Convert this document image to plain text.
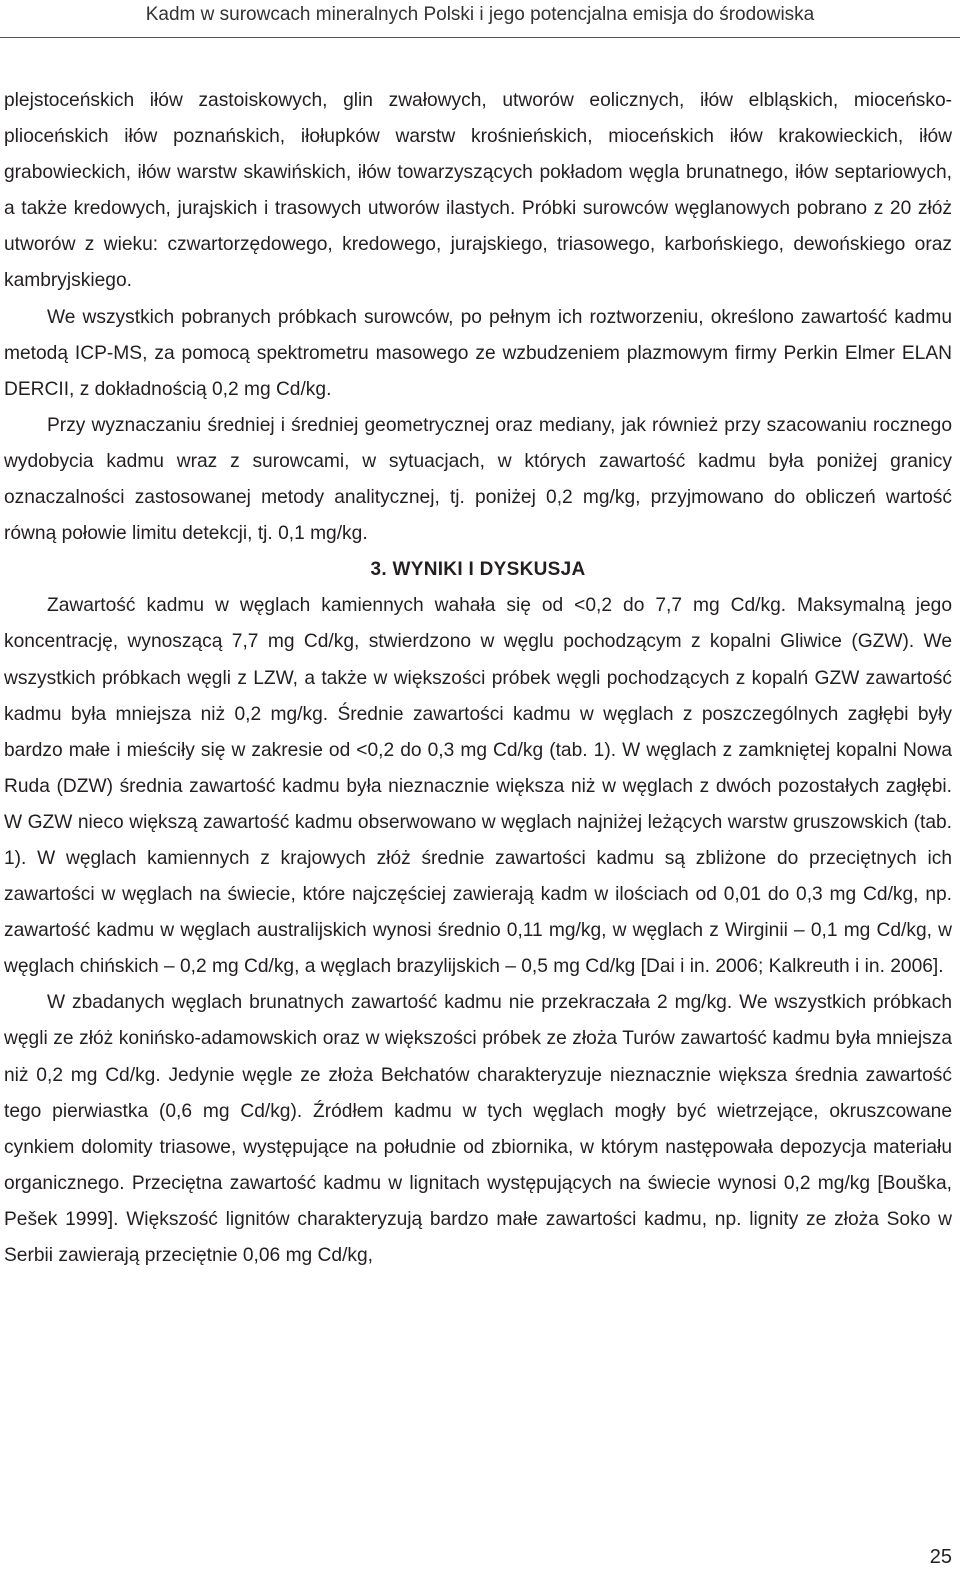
Kadm w surowcach mineralnych Polski i jego potencjalna emisja do środowiska

plejstoceńskich iłów zastoiskowych, glin zwałowych, utworów eolicznych, iłów elbląskich, mioceńsko-plioceńskich iłów poznańskich, iłołupków warstw krośnieńskich, mioceńskich iłów krakowieckich, iłów grabowieckich, iłów warstw skawińskich, iłów towarzyszących pokładom węgla brunatnego, iłów septariowych, a także kredowych, jurajskich i trasowych utworów ilastych. Próbki surowców węglanowych pobrano z 20 złóż utworów z wieku: czwartorzędowego, kredowego, jurajskiego, triasowego, karbońskiego, dewońskiego oraz kambryjskiego.

We wszystkich pobranych próbkach surowców, po pełnym ich roztworzeniu, określono zawartość kadmu metodą ICP-MS, za pomocą spektrometru masowego ze wzbudzeniem plazmowym firmy Perkin Elmer ELAN DERCII, z dokładnością 0,2 mg Cd/kg.

Przy wyznaczaniu średniej i średniej geometrycznej oraz mediany, jak również przy szacowaniu rocznego wydobycia kadmu wraz z surowcami, w sytuacjach, w których zawartość kadmu była poniżej granicy oznaczalności zastosowanej metody analitycznej, tj. poniżej 0,2 mg/kg, przyjmowano do obliczeń wartość równą połowie limitu detekcji, tj. 0,1 mg/kg.

3. WYNIKI I DYSKUSJA

Zawartość kadmu w węglach kamiennych wahała się od <0,2 do 7,7 mg Cd/kg. Maksymalną jego koncentrację, wynoszącą 7,7 mg Cd/kg, stwierdzono w węglu pochodzącym z kopalni Gliwice (GZW). We wszystkich próbkach węgli z LZW, a także w większości próbek węgli pochodzących z kopalń GZW zawartość kadmu była mniejsza niż 0,2 mg/kg. Średnie zawartości kadmu w węglach z poszczególnych zagłębi były bardzo małe i mieściły się w zakresie od <0,2 do 0,3 mg Cd/kg (tab. 1). W węglach z zamkniętej kopalni Nowa Ruda (DZW) średnia zawartość kadmu była nieznacznie większa niż w węglach z dwóch pozostałych zagłębi. W GZW nieco większą zawartość kadmu obserwowano w węglach najniżej leżących warstw gruszowskich (tab. 1). W węglach kamiennych z krajowych złóż średnie zawartości kadmu są zbliżone do przeciętnych ich zawartości w węglach na świecie, które najczęściej zawierają kadm w ilościach od 0,01 do 0,3 mg Cd/kg, np. zawartość kadmu w węglach australijskich wynosi średnio 0,11 mg/kg, w węglach z Wirginii – 0,1 mg Cd/kg, w węglach chińskich – 0,2 mg Cd/kg, a węglach brazylijskich – 0,5 mg Cd/kg [Dai i in. 2006; Kalkreuth i in. 2006].

W zbadanych węglach brunatnych zawartość kadmu nie przekraczała 2 mg/kg. We wszystkich próbkach węgli ze złóż konińsko-adamowskich oraz w większości próbek ze złoża Turów zawartość kadmu była mniejsza niż 0,2 mg Cd/kg. Jedynie węgle ze złoża Bełchatów charakteryzuje nieznacznie większa średnia zawartość tego pierwiastka (0,6 mg Cd/kg). Źródłem kadmu w tych węglach mogły być wietrzejące, okruszcowane cynkiem dolomity triasowe, występujące na południe od zbiornika, w którym następowała depozycja materiału organicznego. Przeciętna zawartość kadmu w lignitach występujących na świecie wynosi 0,2 mg/kg [Bouška, Pešek 1999]. Większość lignitów charakteryzują bardzo małe zawartości kadmu, np. lignity ze złoża Soko w Serbii zawierają przeciętnie 0,06 mg Cd/kg,

25
